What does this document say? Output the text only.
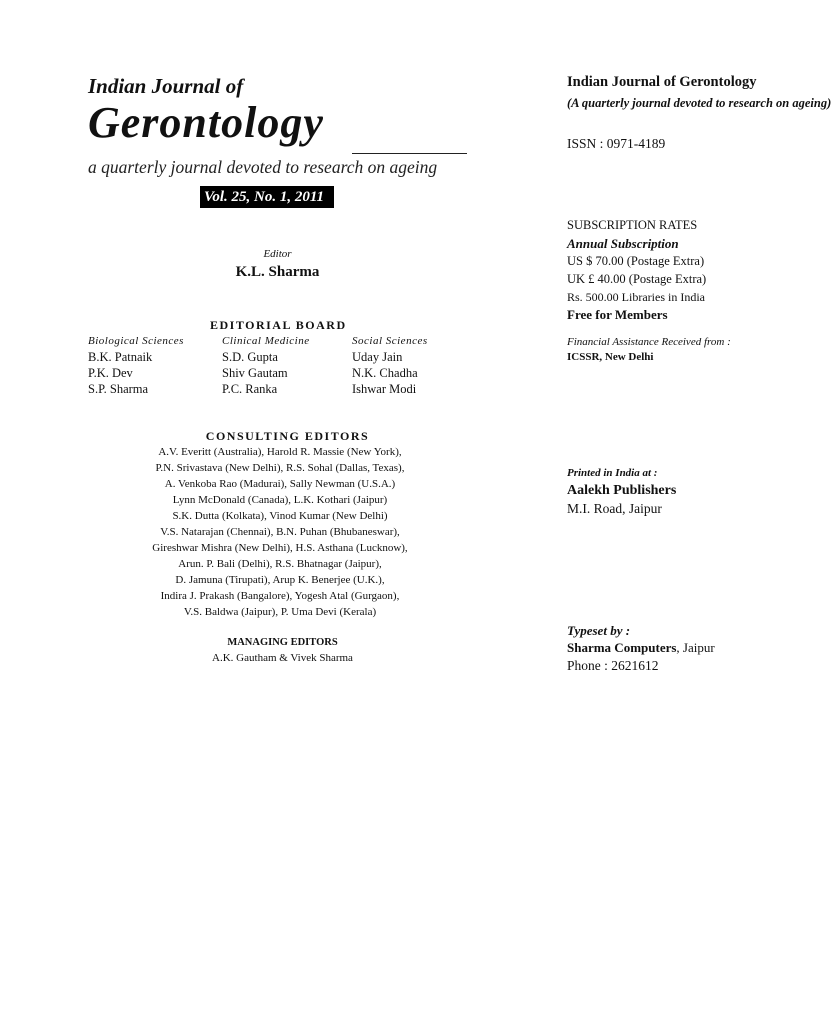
Indian Journal of
Gerontology
a quarterly journal devoted to research on ageing
Vol. 25, No. 1, 2011
Editor
K.L. Sharma
EDITORIAL BOARD
Biological Sciences	Clinical Medicine	Social Sciences
B.K. Patnaik
P.K. Dev
S.P. Sharma
S.D. Gupta
Shiv Gautam
P.C. Ranka
Uday Jain
N.K. Chadha
Ishwar Modi
CONSULTING EDITORS
A.V. Everitt (Australia), Harold R. Massie (New York),
P.N. Srivastava (New Delhi), R.S. Sohal (Dallas, Texas),
A. Venkoba Rao (Madurai), Sally Newman (U.S.A.)
Lynn McDonald (Canada), L.K. Kothari (Jaipur)
S.K. Dutta (Kolkata), Vinod Kumar (New Delhi)
V.S. Natarajan (Chennai), B.N. Puhan (Bhubaneswar),
Gireshwar Mishra (New Delhi), H.S. Asthana (Lucknow),
Arun. P. Bali (Delhi), R.S. Bhatnagar (Jaipur),
D. Jamuna (Tirupati), Arup K. Benerjee (U.K.),
Indira J. Prakash (Bangalore), Yogesh Atal (Gurgaon),
V.S. Baldwa (Jaipur), P. Uma Devi (Kerala)
MANAGING EDITORS
A.K. Gautham & Vivek Sharma
Indian Journal of Gerontology
(A quarterly journal devoted to research on ageing)
ISSN : 0971-4189
SUBSCRIPTION RATES
Annual Subscription
US $ 70.00 (Postage Extra)
UK £ 40.00 (Postage Extra)
Rs. 500.00 Libraries in India
Free for Members
Financial Assistance Received from :
ICSSR, New Delhi
Printed in India at :
Aalekh Publishers
M.I. Road, Jaipur
Typeset by :
Sharma Computers, Jaipur
Phone : 2621612
